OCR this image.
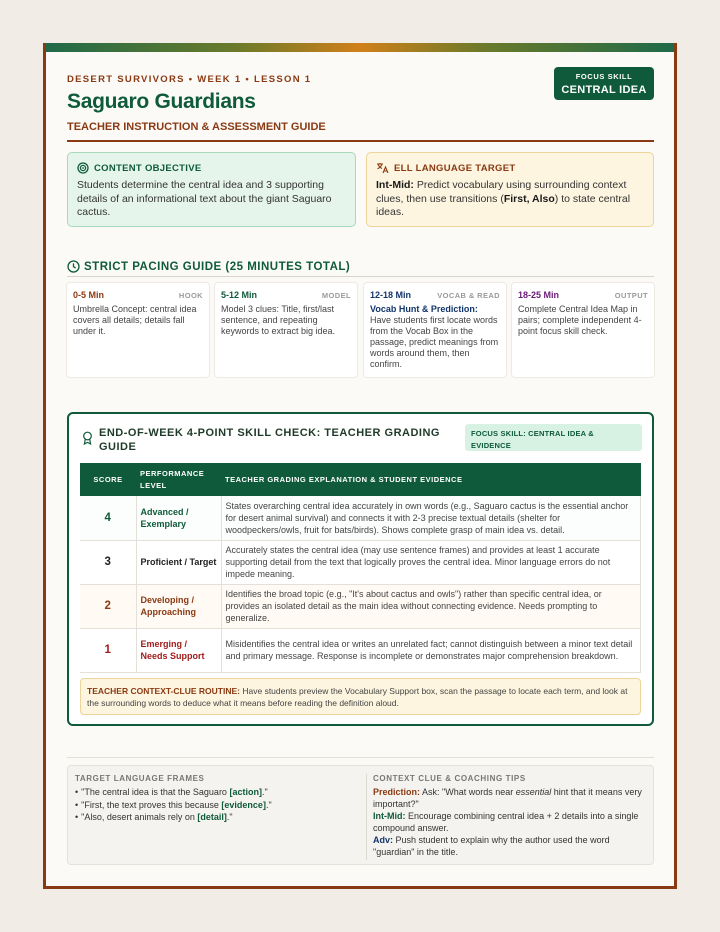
DESERT SURVIVORS • WEEK 1 • LESSON 1
Saguaro Guardians
TEACHER INSTRUCTION & ASSESSMENT GUIDE
FOCUS SKILL
CENTRAL IDEA
CONTENT OBJECTIVE
Students determine the central idea and 3 supporting details of an informational text about the giant Saguaro cactus.
ELL LANGUAGE TARGET
Int-Mid: Predict vocabulary using surrounding context clues, then use transitions (First, Also) to state central ideas.
STRICT PACING GUIDE (25 MINUTES TOTAL)
0-5 Min	HOOK
Umbrella Concept: central idea covers all details; details fall under it.
5-12 Min	MODEL
Model 3 clues: Title, first/last sentence, and repeating keywords to extract big idea.
12-18 Min	VOCAB & READ
Vocab Hunt & Prediction:
Have students first locate words from the Vocab Box in the passage, predict meanings from words around them, then confirm.
18-25 Min	OUTPUT
Complete Central Idea Map in pairs; complete independent 4-point focus skill check.
END-OF-WEEK 4-POINT SKILL CHECK: TEACHER GRADING GUIDE
FOCUS SKILL: CENTRAL IDEA & EVIDENCE
SCORE	PERFORMANCE LEVEL	TEACHER GRADING EXPLANATION & STUDENT EVIDENCE
4	Advanced / Exemplary	States overarching central idea accurately in own words (e.g., Saguaro cactus is the essential anchor for desert animal survival) and connects it with 2-3 precise textual details (shelter for woodpeckers/owls, fruit for bats/birds). Shows complete grasp of main idea vs. detail.
3	Proficient / Target	Accurately states the central idea (may use sentence frames) and provides at least 1 accurate supporting detail from the text that logically proves the central idea. Minor language errors do not impede meaning.
2	Developing / Approaching	Identifies the broad topic (e.g., "It's about cactus and owls") rather than specific central idea, or provides an isolated detail as the main idea without connecting evidence. Needs prompting to generalize.
1	Emerging / Needs Support	Misidentifies the central idea or writes an unrelated fact; cannot distinguish between a minor text detail and primary message. Response is incomplete or demonstrates major comprehension breakdown.
TEACHER CONTEXT-CLUE ROUTINE: Have students preview the Vocabulary Support box, scan the passage to locate each term, and look at the surrounding words to deduce what it means before reading the definition aloud.
TARGET LANGUAGE FRAMES
• "The central idea is that the Saguaro [action]."
• "First, the text proves this because [evidence]."
• "Also, desert animals rely on [detail]."
CONTEXT CLUE & COACHING TIPS
Prediction: Ask: "What words near essential hint that it means very important?"
Int-Mid: Encourage combining central idea + 2 details into a single compound answer.
Adv: Push student to explain why the author used the word "guardian" in the title.
